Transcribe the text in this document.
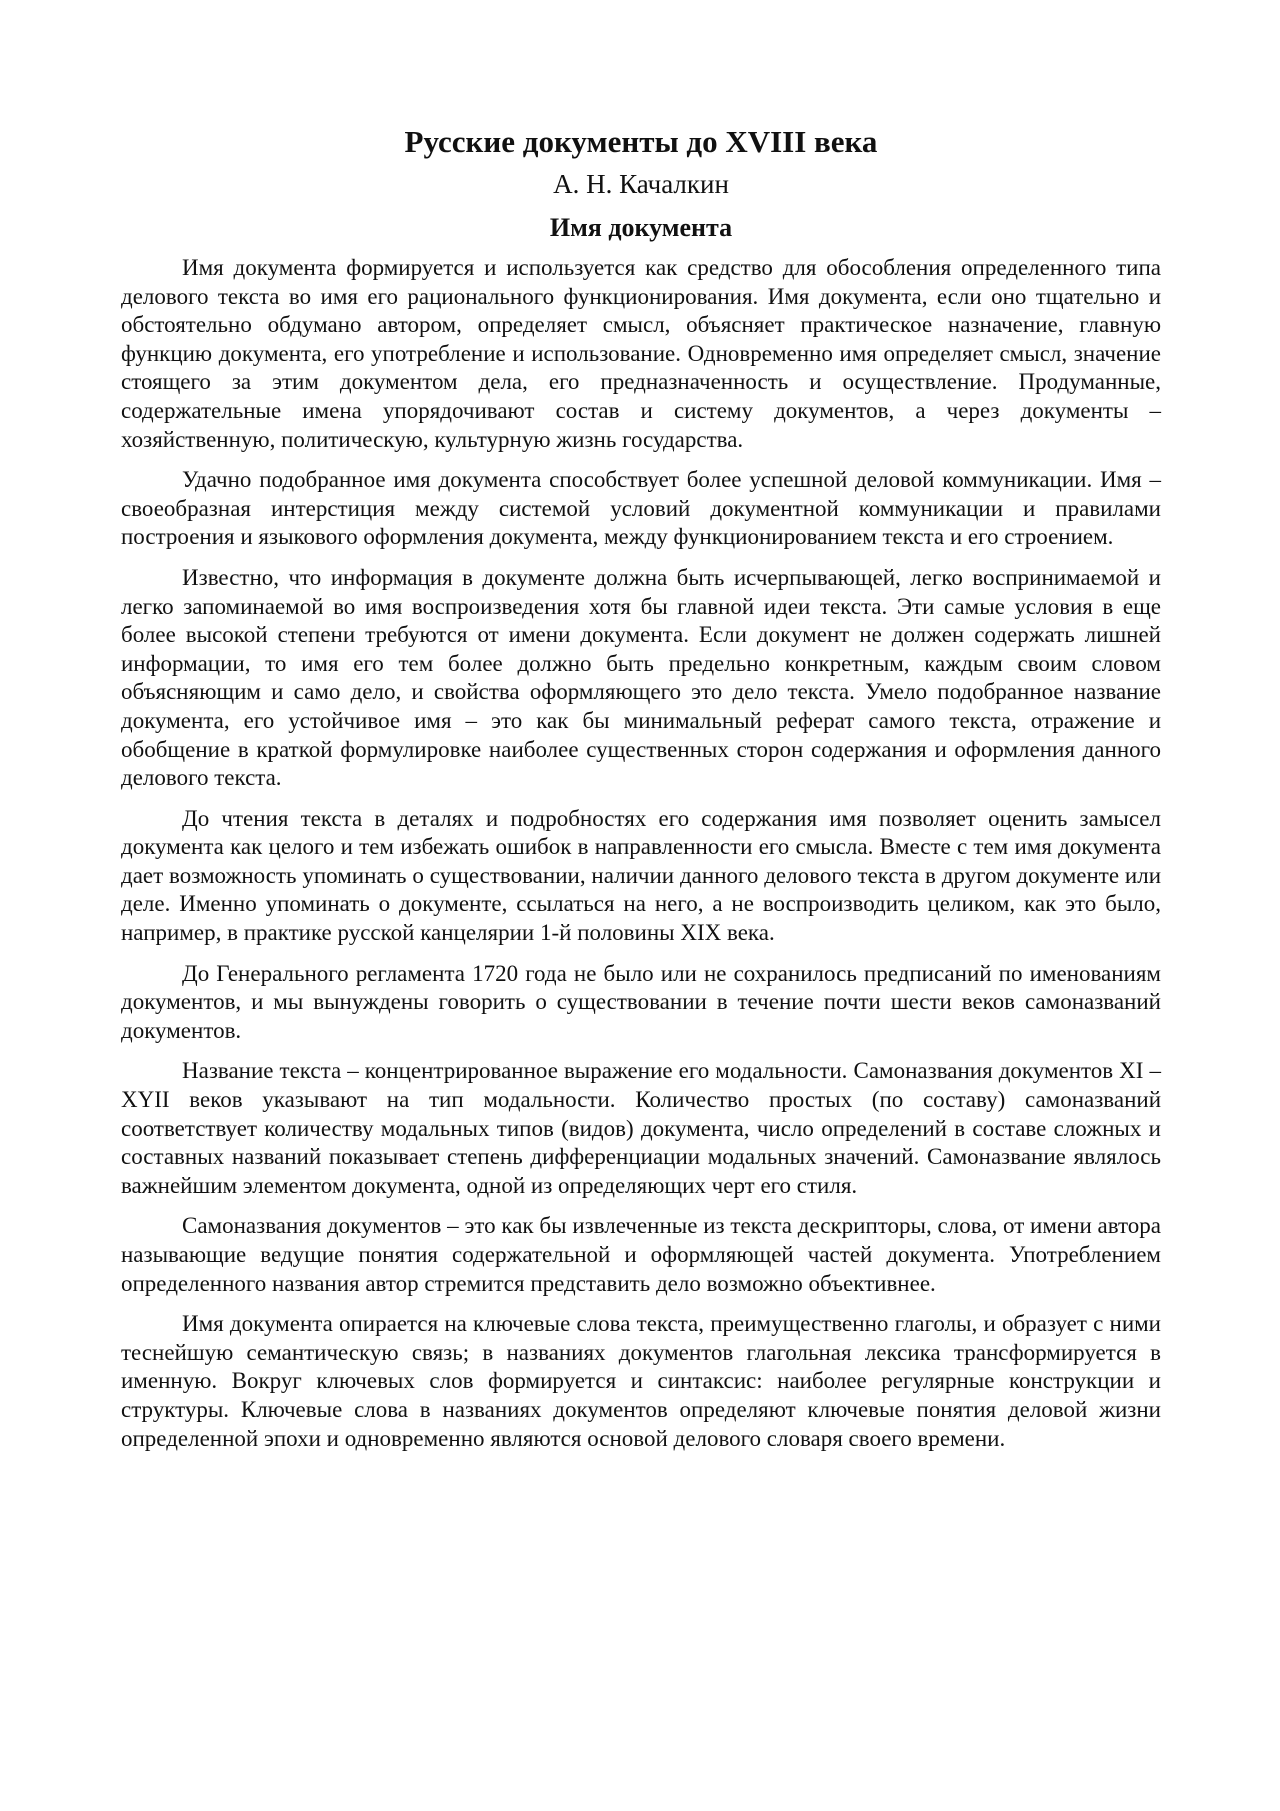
Русские документы до XVIII века
А. Н. Качалкин
Имя документа

Имя документа формируется и используется как средство для обособления определенного типа делового текста во имя его рационального функционирования. Имя документа, если оно тщательно и обстоятельно обдумано автором, определяет смысл, объясняет практическое назначение, главную функцию документа, его употребление и использование. Одновременно имя определяет смысл, значение стоящего за этим документом дела, его предназначенность и осуществление. Продуманные, содержательные имена упорядочивают состав и систему документов, а через документы – хозяйственную, политическую, культурную жизнь государства.

Удачно подобранное имя документа способствует более успешной деловой коммуникации. Имя – своеобразная интерстиция между системой условий документной коммуникации и правилами построения и языкового оформления документа, между функционированием текста и его строением.

Известно, что информация в документе должна быть исчерпывающей, легко воспринимаемой и легко запоминаемой во имя воспроизведения хотя бы главной идеи текста. Эти самые условия в еще более высокой степени требуются от имени документа. Если документ не должен содержать лишней информации, то имя его тем более должно быть предельно конкретным, каждым своим словом объясняющим и само дело, и свойства оформляющего это дело текста. Умело подобранное название документа, его устойчивое имя – это как бы минимальный реферат самого текста, отражение и обобщение в краткой формулировке наиболее существенных сторон содержания и оформления данного делового текста.

До чтения текста в деталях и подробностях его содержания имя позволяет оценить замысел документа как целого и тем избежать ошибок в направленности его смысла. Вместе с тем имя документа дает возможность упоминать о существовании, наличии данного делового текста в другом документе или деле. Именно упоминать о документе, ссылаться на него, а не воспроизводить целиком, как это было, например, в практике русской канцелярии 1-й половины XIX века.

До Генерального регламента 1720 года не было или не сохранилось предписаний по именованиям документов, и мы вынуждены говорить о существовании в течение почти шести веков самоназваний документов.

Название текста – концентрированное выражение его модальности. Самоназвания документов XI – XYII веков указывают на тип модальности. Количество простых (по составу) самоназваний соответствует количеству модальных типов (видов) документа, число определений в составе сложных и составных названий показывает степень дифференциации модальных значений. Самоназвание являлось важнейшим элементом документа, одной из определяющих черт его стиля.

Самоназвания документов – это как бы извлеченные из текста дескрипторы, слова, от имени автора называющие ведущие понятия содержательной и оформляющей частей документа. Употреблением определенного названия автор стремится представить дело возможно объективнее.

Имя документа опирается на ключевые слова текста, преимущественно глаголы, и образует с ними теснейшую семантическую связь; в названиях документов глагольная лексика трансформируется в именную. Вокруг ключевых слов формируется и синтаксис: наиболее регулярные конструкции и структуры. Ключевые слова в названиях документов определяют ключевые понятия деловой жизни определенной эпохи и одновременно являются основой делового словаря своего времени.
